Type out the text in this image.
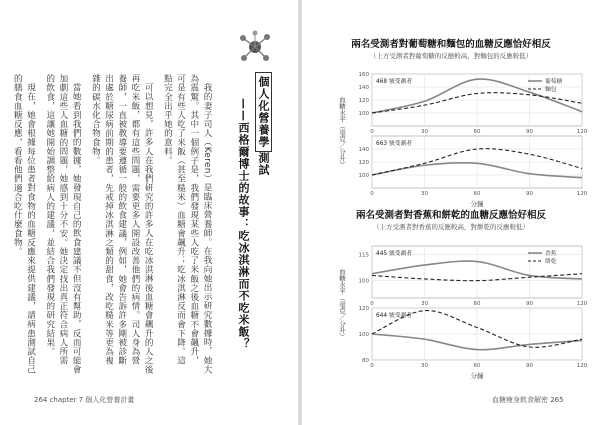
個人化營養學測試
——西格爾博士的故事：吃冰淇淋而不吃米飯？

我的妻子司人（Keren）是臨床營養師。在我向她出示研究數據時，她大為震驚。其中一個例子是，我們發現某些人吃了米飯之後血糖不會飆升，可是有些人吃了米飯（甚至糙米）血糖會飆升；吃冰淇淋反而會下降。這點完全出乎她的意料。

可以想見，許多人在我們研究的許多人在吃冰淇淋後血糖會飆升的人之後再吃米飯，都有這些問題，需要更多人開設改善他們的病情。司人身為營養師，一直被教導要遵循一般的飲食建議，例如，她會告訴許多剛被診斷出處於糖尿病前期的患者，先戒掉冰淇淋之類的甜食，改吃糙米等更為複雜的碳水化合物食物。

當她看到我們的數據，她發現自己的飲食建議不但沒有幫助，反而可能會加劇這些人血糖的問題，她感到十分不安。她決定找出真正符合病人所需的飲食，這讓她開始調整給病人的建議，並結合我們發現的研究結果。

現在，她會根據每位患者對食物的血糖反應來提供建議，請病患測試自己的膳食血糖反應，看看他們適合吃什麼食物。

264 chapter 7 個人化營養計畫
兩名受測者對葡萄糖和麵包的血糖反應恰好相反
（上方受測者對葡萄糖的反應較高，對麵包的反應較低）
血糖水平（毫克／分升） 100
120
140
160
0	30	60	90	120
468 號受測者
100
120
140
0	30	60	90	120
663 號受測者
分鐘
葡萄糖
麵包
兩名受測者對香蕉和餅乾的血糖反應恰好相反
（上方受測者對香蕉的反應較高，對餅乾的反應較低）
血糖水平（毫克／分升） 100
115
0	30	60	90	120
445 號受測者
80
100
120
0	30	60	90	120
644 號受測者
分鐘
香蕉
餅乾
血糖瘦身飲食解密 265
